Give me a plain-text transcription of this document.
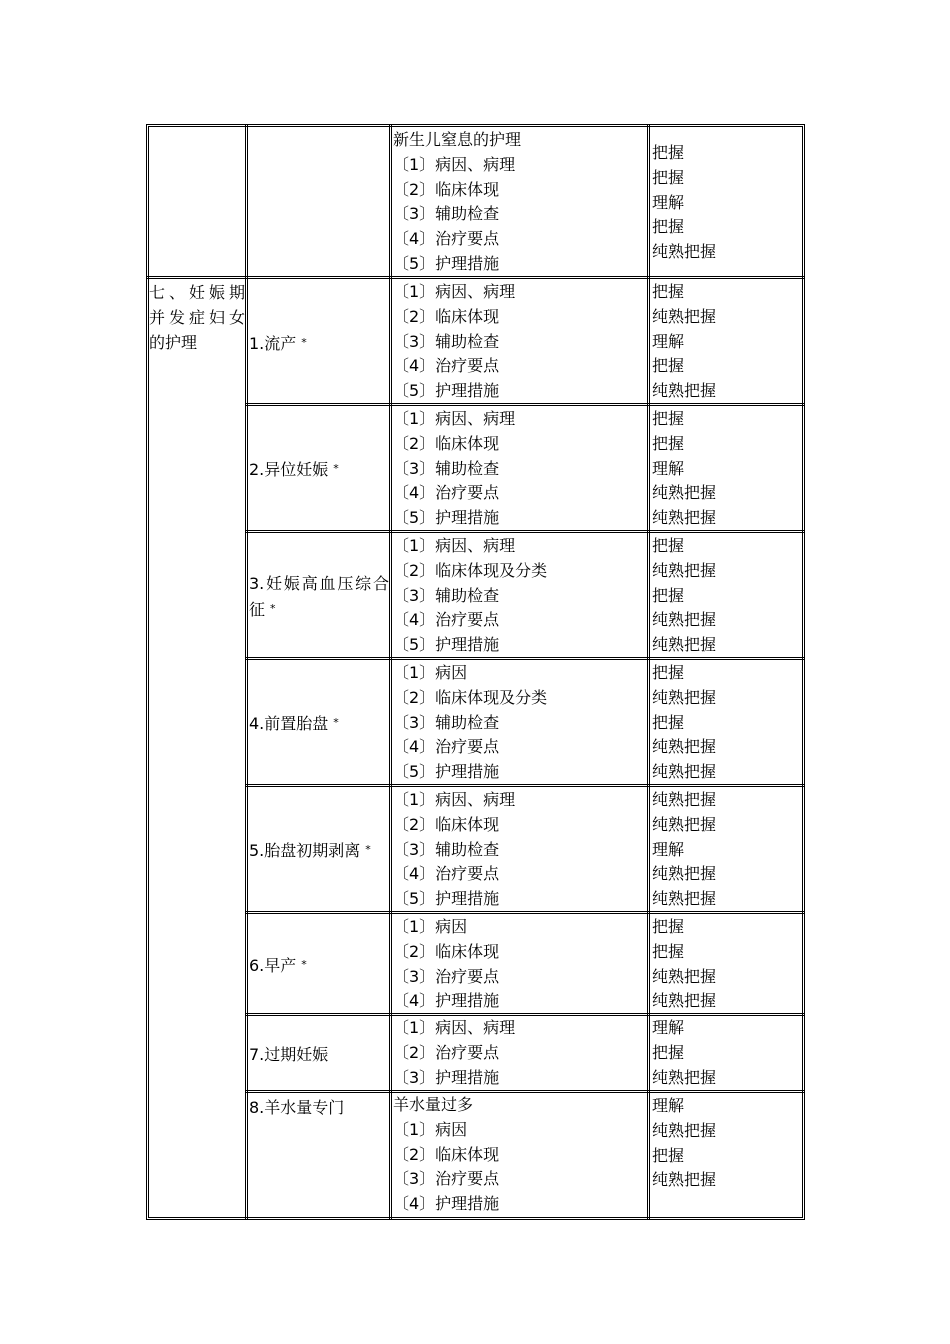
新生儿窒息的护理
〔1〕病因、病理
〔2〕临床体现
〔3〕辅助检查
〔4〕治疗要点
〔5〕护理措施
把握
把握
理解
把握
纯熟把握
七、妊娠期
并发症妇女
的护理	1.流产 *
〔1〕病因、病理
〔2〕临床体现
〔3〕辅助检查
〔4〕治疗要点
〔5〕护理措施
把握
纯熟把握
理解
把握
纯熟把握
2.异位妊娠 *
〔1〕病因、病理
〔2〕临床体现
〔3〕辅助检查
〔4〕治疗要点
〔5〕护理措施
把握
把握
理解
纯熟把握
纯熟把握
3.妊娠高血压综合征 *
〔1〕病因、病理
〔2〕临床体现及分类
〔3〕辅助检查
〔4〕治疗要点
〔5〕护理措施
把握
纯熟把握
把握
纯熟把握
纯熟把握
4.前置胎盘 *
〔1〕病因
〔2〕临床体现及分类
〔3〕辅助检查
〔4〕治疗要点
〔5〕护理措施
把握
纯熟把握
把握
纯熟把握
纯熟把握
5.胎盘初期剥离 *
〔1〕病因、病理
〔2〕临床体现
〔3〕辅助检查
〔4〕治疗要点
〔5〕护理措施
纯熟把握
纯熟把握
理解
纯熟把握
纯熟把握
6.早产 *
〔1〕病因
〔2〕临床体现
〔3〕治疗要点
〔4〕护理措施
把握
把握
纯熟把握
纯熟把握
7.过期妊娠
〔1〕病因、病理
〔2〕治疗要点
〔3〕护理措施
理解
把握
纯熟把握
8.羊水量专门	羊水量过多
〔1〕病因
〔2〕临床体现
〔3〕治疗要点
〔4〕护理措施
理解
纯熟把握
把握
纯熟把握
